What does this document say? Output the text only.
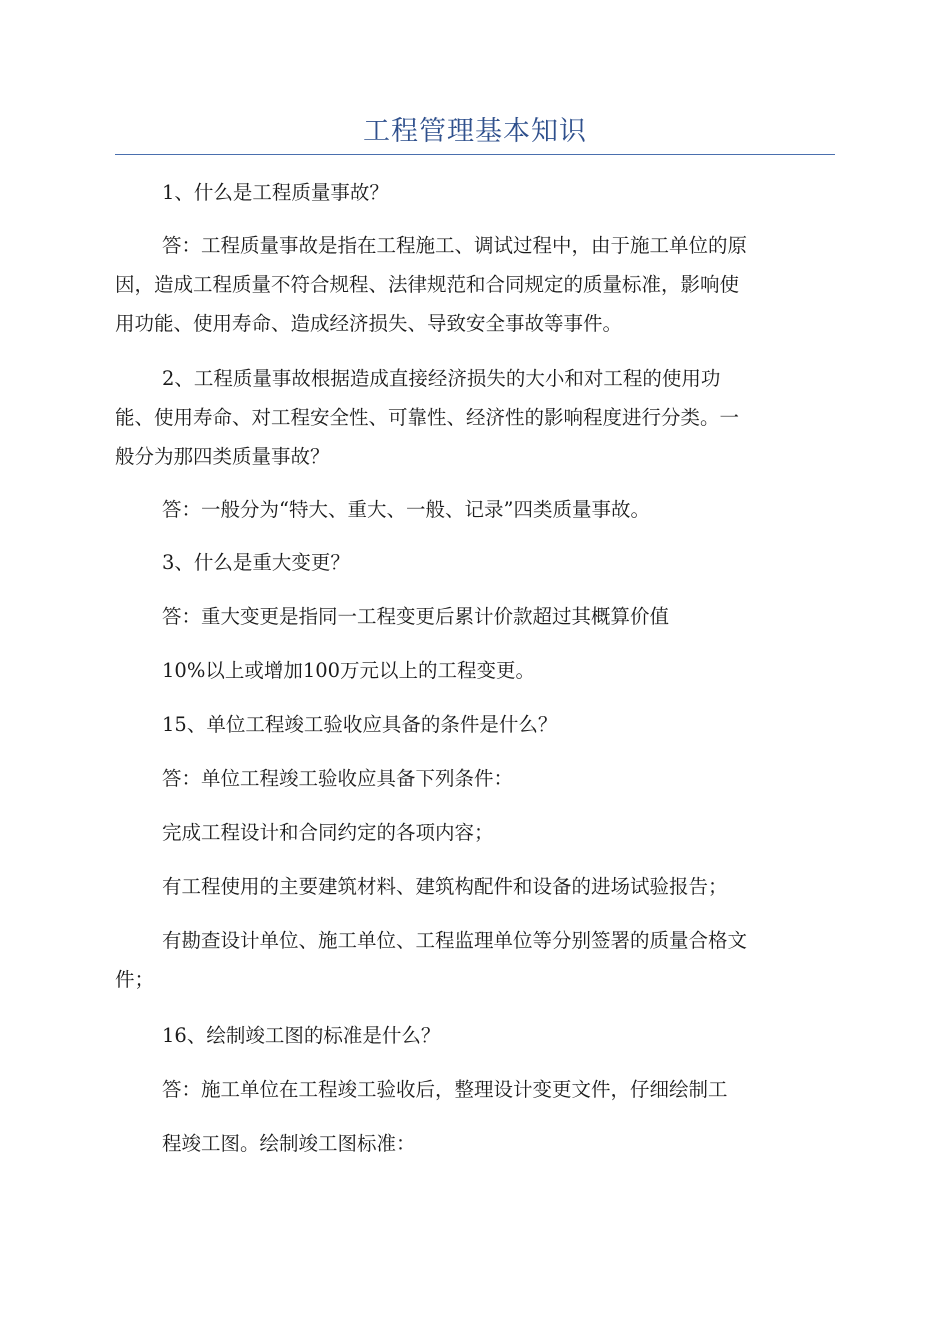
工程管理基本知识

1、什么是工程质量事故？

答：工程质量事故是指在工程施工、调试过程中，由于施工单位的原
因，造成工程质量不符合规程、法律规范和合同规定的质量标准，影响使
用功能、使用寿命、造成经济损失、导致安全事故等事件。

2、工程质量事故根据造成直接经济损失的大小和对工程的使用功
能、使用寿命、对工程安全性、可靠性、经济性的影响程度进行分类。一
般分为那四类质量事故？

答：一般分为“特大、重大、一般、记录”四类质量事故。

3、什么是重大变更？

答：重大变更是指同一工程变更后累计价款超过其概算价值

10%以上或增加100万元以上的工程变更。

15、单位工程竣工验收应具备的条件是什么？

答：单位工程竣工验收应具备下列条件：

完成工程设计和合同约定的各项内容；

有工程使用的主要建筑材料、建筑构配件和设备的进场试验报告；

有勘查设计单位、施工单位、工程监理单位等分别签署的质量合格文
件；

16、绘制竣工图的标准是什么？

答：施工单位在工程竣工验收后，整理设计变更文件，仔细绘制工

程竣工图。绘制竣工图标准：
